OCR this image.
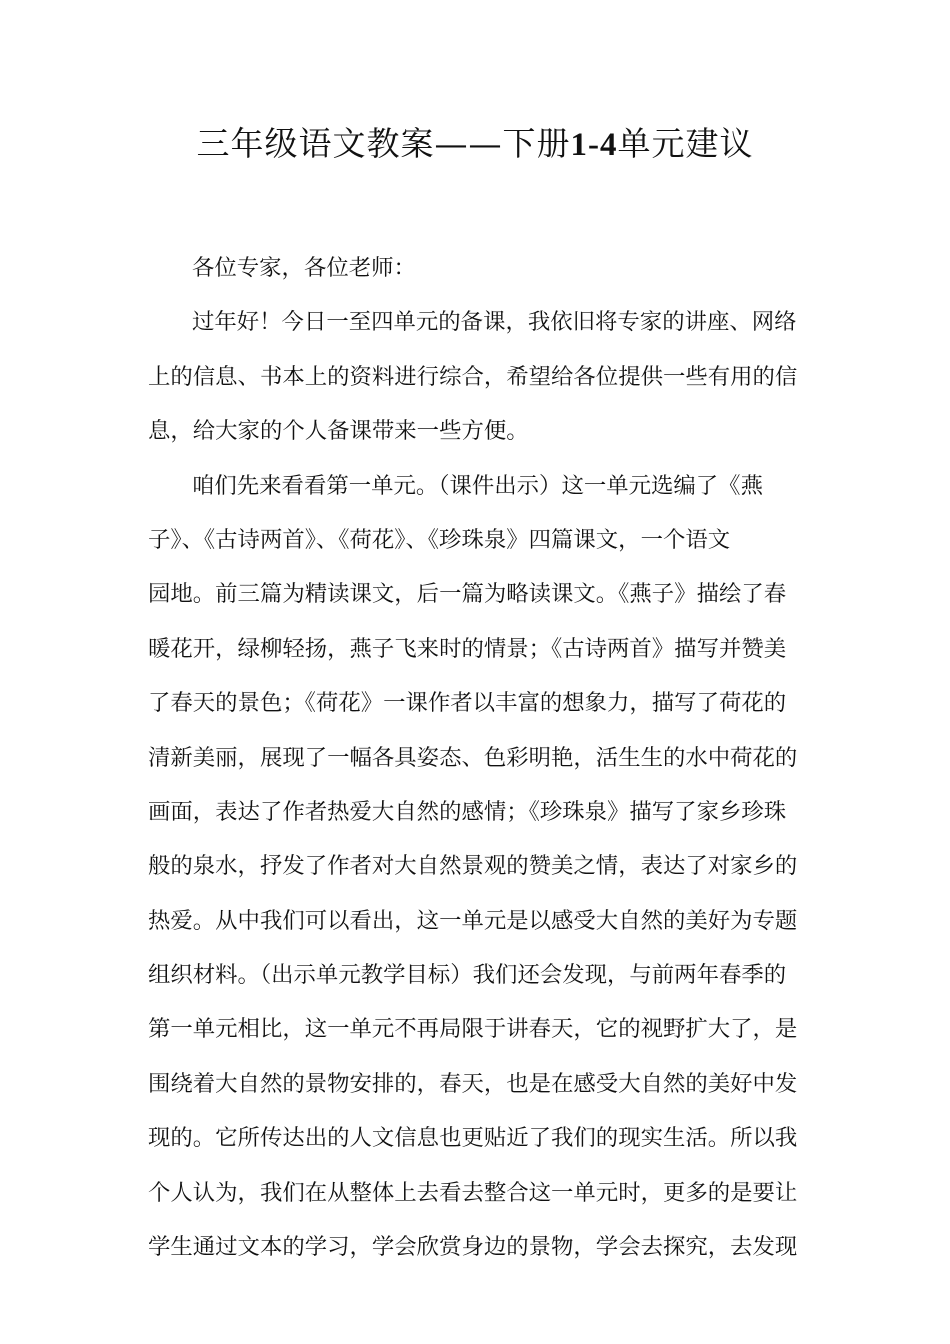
三年级语文教案——下册1-4单元建议
各位专家，各位老师：
过年好！今日一至四单元的备课，我依旧将专家的讲座、网络
上的信息、书本上的资料进行综合，希望给各位提供一些有用的信
息，给大家的个人备课带来一些方便。
咱们先来看看第一单元。（课件出示）这一单元选编了《燕
子》、《古诗两首》、《荷花》、《珍珠泉》四篇课文，一个语文
园地。前三篇为精读课文，后一篇为略读课文。《燕子》描绘了春
暖花开，绿柳轻扬，燕子飞来时的情景；《古诗两首》描写并赞美
了春天的景色；《荷花》一课作者以丰富的想象力，描写了荷花的
清新美丽，展现了一幅各具姿态、色彩明艳，活生生的水中荷花的
画面，表达了作者热爱大自然的感情；《珍珠泉》描写了家乡珍珠
般的泉水，抒发了作者对大自然景观的赞美之情，表达了对家乡的
热爱。从中我们可以看出，这一单元是以感受大自然的美好为专题
组织材料。（出示单元教学目标）我们还会发现，与前两年春季的
第一单元相比，这一单元不再局限于讲春天，它的视野扩大了，是
围绕着大自然的景物安排的，春天，也是在感受大自然的美好中发
现的。它所传达出的人文信息也更贴近了我们的现实生活。所以我
个人认为，我们在从整体上去看去整合这一单元时，更多的是要让
学生通过文本的学习，学会欣赏身边的景物，学会去探究，去发现
